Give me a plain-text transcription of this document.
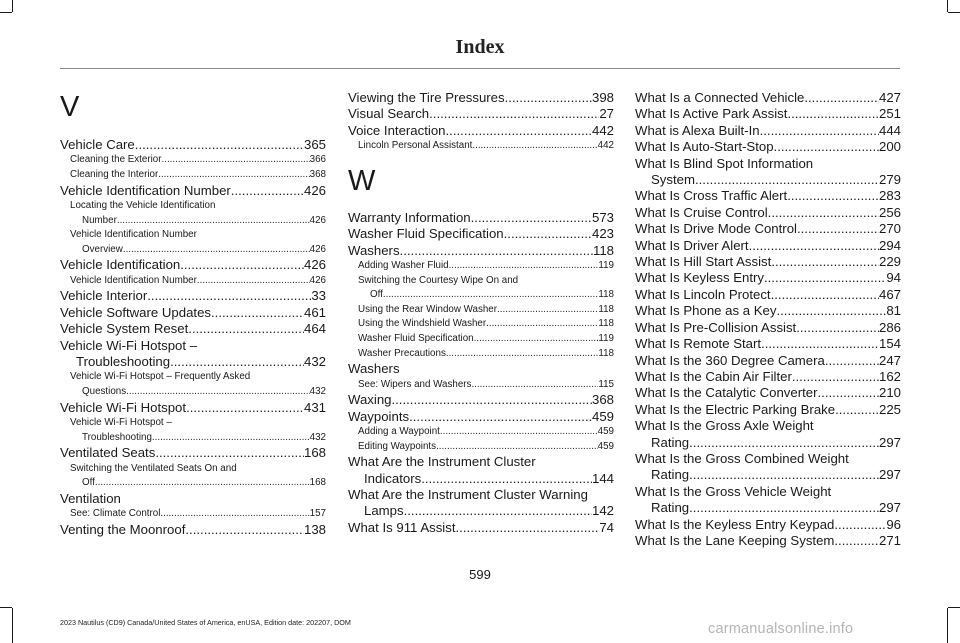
Index
V
Vehicle Care .....	365
Cleaning the Exterior .....	366
Cleaning the Interior .....	368
Vehicle Identification Number .....	426
Locating the Vehicle Identification
Number .....	426
Vehicle Identification Number
Overview .....	426
Vehicle Identification .....	426
Vehicle Identification Number .....	426
Vehicle Interior .....	33
Vehicle Software Updates .....	461
Vehicle System Reset .....	464
Vehicle Wi-Fi Hotspot –
Troubleshooting .....	432
Vehicle Wi-Fi Hotspot – Frequently Asked
Questions .....	432
Vehicle Wi-Fi Hotspot .....	431
Vehicle Wi-Fi Hotspot –
Troubleshooting .....	432
Ventilated Seats .....	168
Switching the Ventilated Seats On and
Off .....	168
Ventilation
See: Climate Control .....	157
Venting the Moonroof .....	138
Viewing the Tire Pressures .....	398
Visual Search .....	27
Voice Interaction .....	442
Lincoln Personal Assistant .....	442
W
Warranty Information .....	573
Washer Fluid Specification .....	423
Washers .....	118
Adding Washer Fluid .....	119
Switching the Courtesy Wipe On and
Off .....	118
Using the Rear Window Washer .....	118
Using the Windshield Washer .....	118
Washer Fluid Specification .....	119
Washer Precautions .....	118
Washers
See: Wipers and Washers .....	115
Waxing .....	368
Waypoints .....	459
Adding a Waypoint .....	459
Editing Waypoints .....	459
What Are the Instrument Cluster
Indicators .....	144
What Are the Instrument Cluster Warning
Lamps .....	142
What Is 911 Assist .....	74
What Is a Connected Vehicle .....	427
What Is Active Park Assist .....	251
What is Alexa Built-In .....	444
What Is Auto-Start-Stop .....	200
What Is Blind Spot Information
System .....	279
What Is Cross Traffic Alert .....	283
What Is Cruise Control .....	256
What Is Drive Mode Control .....	270
What Is Driver Alert .....	294
What Is Hill Start Assist .....	229
What Is Keyless Entry .....	94
What Is Lincoln Protect .....	467
What Is Phone as a Key .....	81
What Is Pre-Collision Assist .....	286
What Is Remote Start .....	154
What Is the 360 Degree Camera .....	247
What Is the Cabin Air Filter .....	162
What Is the Catalytic Converter .....	210
What Is the Electric Parking Brake .....	225
What Is the Gross Axle Weight
Rating .....	297
What Is the Gross Combined Weight
Rating .....	297
What Is the Gross Vehicle Weight
Rating .....	297
What Is the Keyless Entry Keypad .....	96
What Is the Lane Keeping System .....	271
599
2023 Nautilus (CD9) Canada/United States of America, enUSA, Edition date: 202207, DOM	carmanualsonline.info
